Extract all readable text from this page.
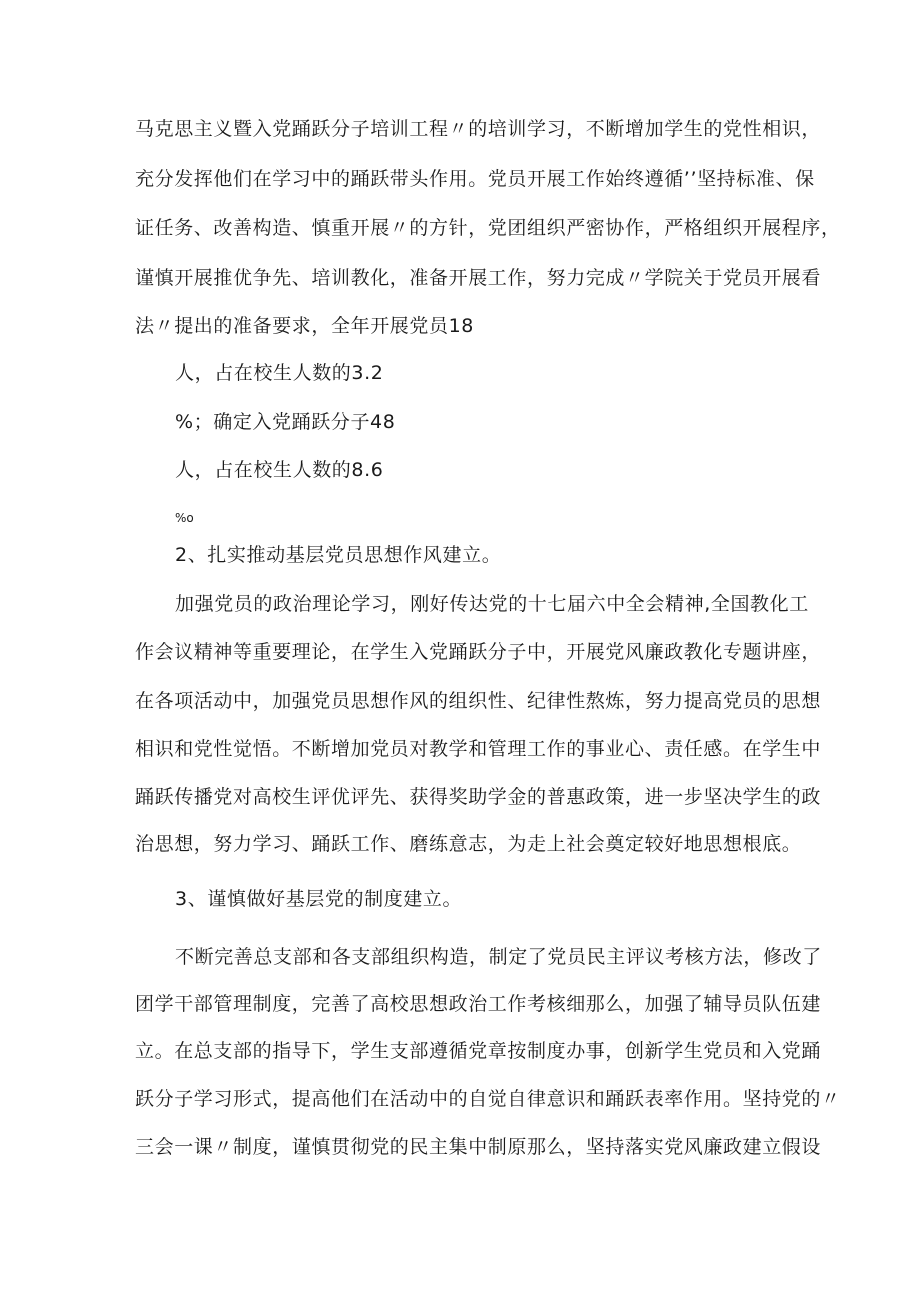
马克思主义暨入党踊跃分子培训工程〃的培训学习，不断增加学生的党性相识，
充分发挥他们在学习中的踊跃带头作用。党员开展工作始终遵循’’坚持标准、保
证任务、改善构造、慎重开展〃的方针，党团组织严密协作，严格组织开展程序，
谨慎开展推优争先、培训教化，准备开展工作，努力完成〃学院关于党员开展看
法〃提出的准备要求，全年开展党员18
人，占在校生人数的3.2
%；确定入党踊跃分子48
人，占在校生人数的8.6
%o
2、扎实推动基层党员思想作风建立。
加强党员的政治理论学习，刚好传达党的十七届六中全会精神,全国教化工
作会议精神等重要理论，在学生入党踊跃分子中，开展党风廉政教化专题讲座，
在各项活动中，加强党员思想作风的组织性、纪律性熬炼，努力提高党员的思想
相识和党性觉悟。不断增加党员对教学和管理工作的事业心、责任感。在学生中
踊跃传播党对高校生评优评先、获得奖助学金的普惠政策，进一步坚决学生的政
治思想，努力学习、踊跃工作、磨练意志，为走上社会奠定较好地思想根底。
3、谨慎做好基层党的制度建立。
不断完善总支部和各支部组织构造，制定了党员民主评议考核方法，修改了
团学干部管理制度，完善了高校思想政治工作考核细那么，加强了辅导员队伍建
立。在总支部的指导下，学生支部遵循党章按制度办事，创新学生党员和入党踊
跃分子学习形式，提高他们在活动中的自觉自律意识和踊跃表率作用。坚持党的〃
三会一课〃制度，谨慎贯彻党的民主集中制原那么，坚持落实党风廉政建立假设
